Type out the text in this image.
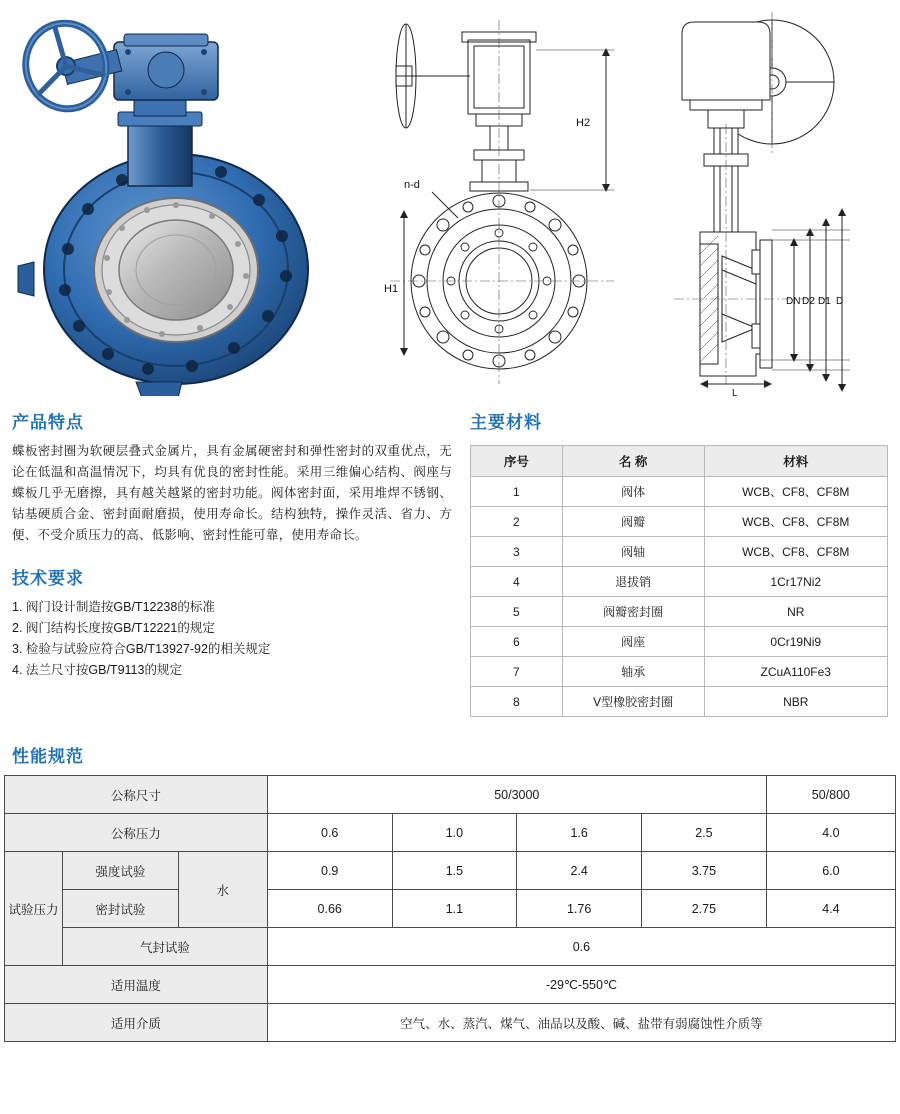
H2
H1
n-d
DN D2 D1 D
L
产品特点
蝶板密封圈为软硬层叠式金属片，具有金属硬密封和弹性密封的双重优点，无论在低温和高温情况下，均具有优良的密封性能。采用三维偏心结构、阀座与蝶板几乎无磨擦，具有越关越紧的密封功能。阀体密封面，采用堆焊不锈钢、钴基硬质合金、密封面耐磨损，使用寿命长。结构独特，操作灵活、省力、方便、不受介质压力的高、低影响、密封性能可靠，使用寿命长。
技术要求
1. 阀门设计制造按GB/T12238的标准
2. 阀门结构长度按GB/T12221的规定
3. 检验与试验应符合GB/T13927-92的相关规定
4. 法兰尺寸按GB/T9113的规定
主要材料
序号	名 称	材料
1	阀体	WCB、CF8、CF8M
2	阀瓣	WCB、CF8、CF8M
3	阀轴	WCB、CF8、CF8M
4	退拔销	1Cr17Ni2
5	阀瓣密封圈	NR
6	阀座	0Cr19Ni9
7	轴承	ZCuA110Fe3
8	V型橡胶密封圈	NBR
性能规范
公称尺寸			50/3000				50/800
公称压力			0.6	1.0	1.6	2.5	4.0
试验压力	强度试验	水	0.9	1.5	2.4	3.75	6.0
	密封试验		0.66	1.1	1.76	2.75	4.4
	气封试验		0.6				
适用温度			-29℃-550℃				
适用介质			空气、水、蒸汽、煤气、油品以及酸、碱、盐带有弱腐蚀性介质等				
